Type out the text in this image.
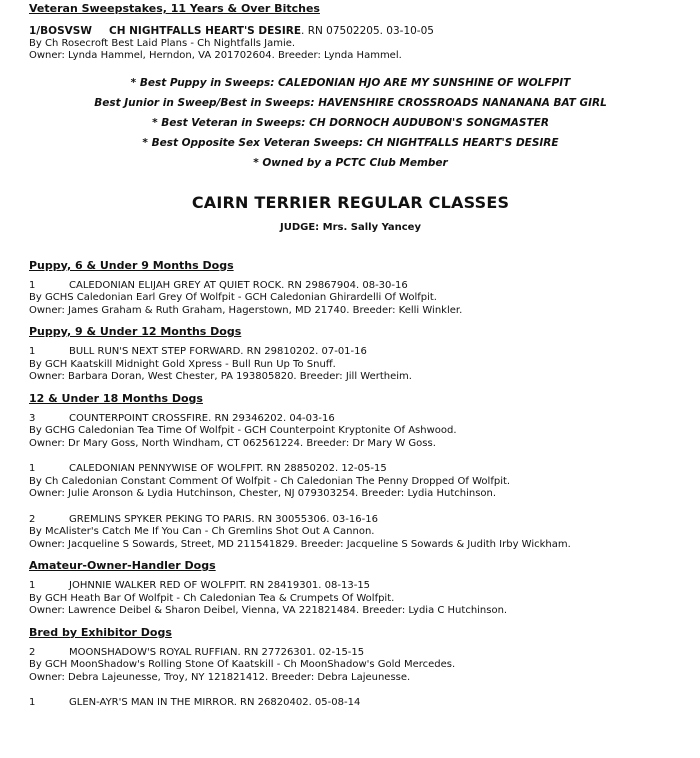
Veteran Sweepstakes, 11 Years & Over Bitches

1/BOSVSW CH NIGHTFALLS HEART'S DESIRE. RN 07502205. 03-10-05

By Ch Rosecroft Best Laid Plans - Ch Nightfalls Jamie.

Owner: Lynda Hammel, Herndon, VA 201702604. Breeder: Lynda Hammel.

* Best Puppy in Sweeps: CALEDONIAN HJO ARE MY SUNSHINE OF WOLFPIT

Best Junior in Sweep/Best in Sweeps: HAVENSHIRE CROSSROADS NANANANA BAT GIRL

* Best Veteran in Sweeps: CH DORNOCH AUDUBON'S SONGMASTER

* Best Opposite Sex Veteran Sweeps: CH NIGHTFALLS HEART'S DESIRE

* Owned by a PCTC Club Member

CAIRN TERRIER REGULAR CLASSES

JUDGE: Mrs. Sally Yancey

Puppy, 6 & Under 9 Months Dogs

1	CALEDONIAN ELIJAH GREY AT QUIET ROCK. RN 29867904. 08-30-16

By GCHS Caledonian Earl Grey Of Wolfpit - GCH Caledonian Ghirardelli Of Wolfpit.

Owner: James Graham & Ruth Graham, Hagerstown, MD 21740. Breeder: Kelli Winkler.

Puppy, 9 & Under 12 Months Dogs

1	BULL RUN'S NEXT STEP FORWARD. RN 29810202. 07-01-16

By GCH Kaatskill Midnight Gold Xpress - Bull Run Up To Snuff.

Owner: Barbara Doran, West Chester, PA 193805820. Breeder: Jill Wertheim.

12 & Under 18 Months Dogs

3	COUNTERPOINT CROSSFIRE. RN 29346202. 04-03-16

By GCHG Caledonian Tea Time Of Wolfpit - GCH Counterpoint Kryptonite Of Ashwood.

Owner: Dr Mary Goss, North Windham, CT 062561224. Breeder: Dr Mary W Goss.

1	CALEDONIAN PENNYWISE OF WOLFPIT. RN 28850202. 12-05-15

By Ch Caledonian Constant Comment Of Wolfpit - Ch Caledonian The Penny Dropped Of Wolfpit.

Owner: Julie Aronson & Lydia Hutchinson, Chester, NJ 079303254. Breeder: Lydia Hutchinson.

2	GREMLINS SPYKER PEKING TO PARIS. RN 30055306. 03-16-16

By McAlister's Catch Me If You Can - Ch Gremlins Shot Out A Cannon.

Owner: Jacqueline S Sowards, Street, MD 211541829. Breeder: Jacqueline S Sowards & Judith Irby Wickham.

Amateur-Owner-Handler Dogs

1	JOHNNIE WALKER RED OF WOLFPIT. RN 28419301. 08-13-15

By GCH Heath Bar Of Wolfpit - Ch Caledonian Tea & Crumpets Of Wolfpit.

Owner: Lawrence Deibel & Sharon Deibel, Vienna, VA 221821484. Breeder: Lydia C Hutchinson.

Bred by Exhibitor Dogs

2	MOONSHADOW'S ROYAL RUFFIAN. RN 27726301. 02-15-15

By GCH MoonShadow's Rolling Stone Of Kaatskill - Ch MoonShadow's Gold Mercedes.

Owner: Debra Lajeunesse, Troy, NY 121821412. Breeder: Debra Lajeunesse.

1	GLEN-AYR'S MAN IN THE MIRROR. RN 26820402. 05-08-14
